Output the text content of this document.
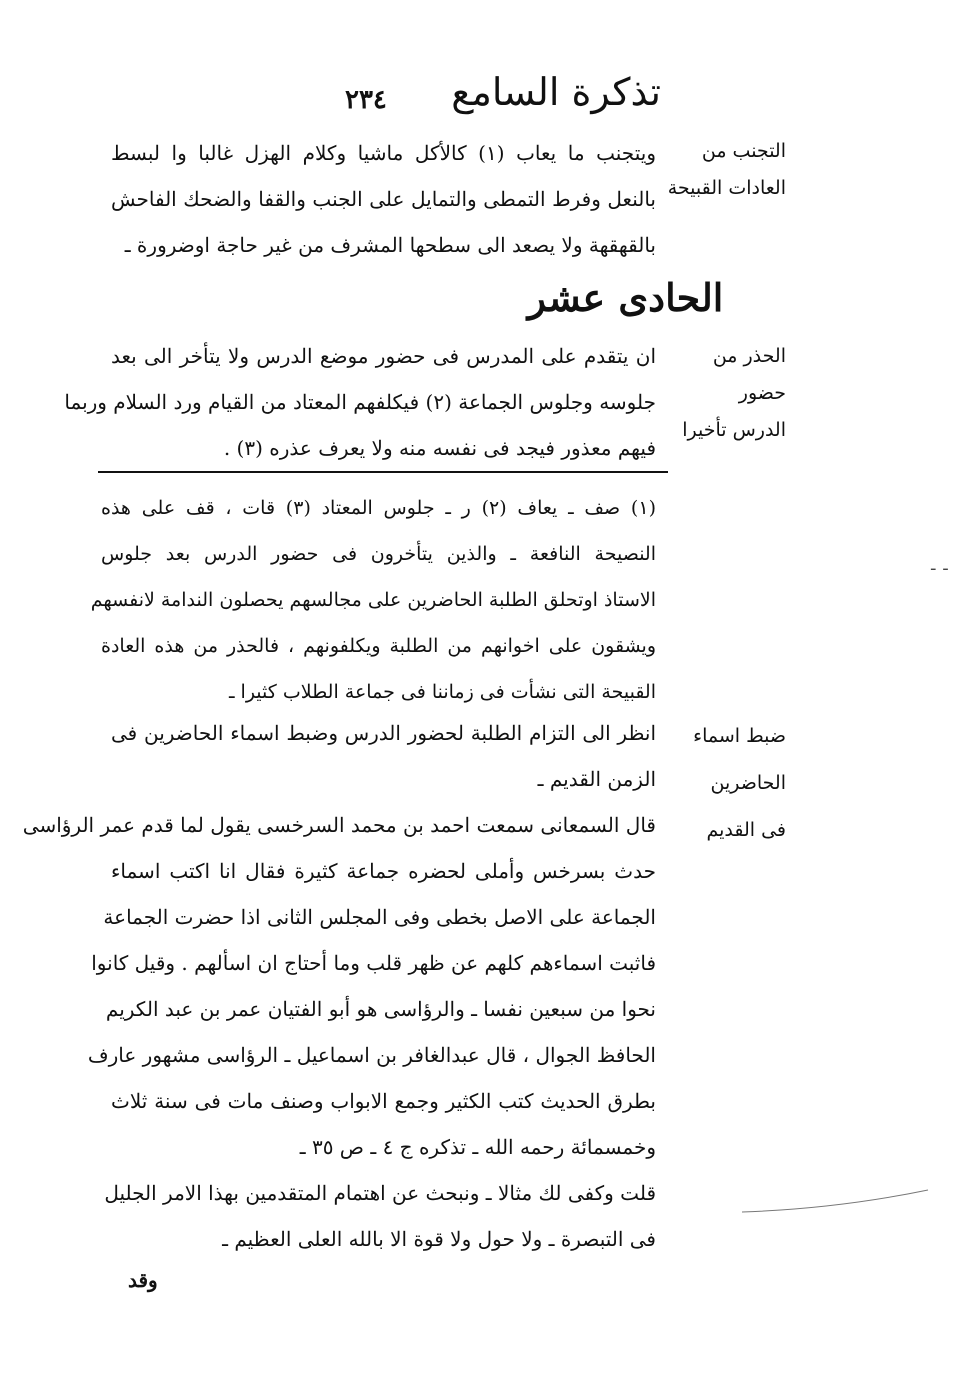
تذكرة السامع
٢٣٤
التجنب من
العادات القبيحة
ويتجنب ما يعاب (١) كالأكل ماشيا وكلام الهزل غالبا وا لبسط
بالنعل وفرط التمطى والتمايل على الجنب والقفا والضحك الفاحش
بالقهقهة ولا يصعد الى سطحها المشرف من غير حاجة اوضرورة ـ
الحادى عشر
الحذر من حضور
الدرس تأخيرا
ان يتقدم على المدرس فى حضور موضع الدرس ولا يتأخر الى بعد
جلوسه وجلوس الجماعة (٢) فيكلفهم المعتاد من القيام ورد السلام وربما
فيهم معذور فيجد فى نفسه منه ولا يعرف عذره (٣) .
(١) صف ـ يعاف (٢) ر ـ جلوس المعتاد (٣) قات ، قف على هذه
النصيحة النافعة ـ والذين يتأخرون فى حضور الدرس بعد جلوس
الاستاذ اوتحلق الطلبة الحاضرين على مجالسهم يحصلون الندامة لانفسهم
ويشقون على اخوانهم من الطلبة ويكلفونهم ، فالحذر من هذه العادة
القبيحة التى نشأت فى زماننا فى جماعة الطلاب كثيرا ـ
ضبط اسماء
الحاضرين
فى القديم
انظر الى التزام الطلبة لحضور الدرس وضبط اسماء الحاضرين فى
الزمن القديم ـ
قال السمعانى سمعت احمد بن محمد السرخسى يقول لما قدم عمر الرؤاسى
حدث بسرخس وأملى لحضره جماعة كثيرة فقال انا اكتب اسماء
الجماعة على الاصل بخطى وفى المجلس الثانى اذا حضرت الجماعة
فاثبت اسماءهم كلهم عن ظهر قلب وما أحتاج ان اسألهم . وقيل كانوا
نحوا من سبعين نفسا ـ والرؤاسى هو أبو الفتيان عمر بن عبد الكريم
الحافظ الجوال ، قال عبدالغافر بن اسماعيل ـ الرؤاسى مشهور عارف
بطرق الحديث كتب الكثير وجمع الابواب وصنف مات فى سنة ثلاث
وخمسمائة رحمه الله ـ تذكره ج ٤ ـ ص ٣٥ ـ
قلت وكفى لك مثالا ـ ونبحث عن اهتمام المتقدمين بهذا الامر الجليل
فى التبصرة ـ ولا حول ولا قوة الا بالله العلى العظيم ـ
وقد
- -
